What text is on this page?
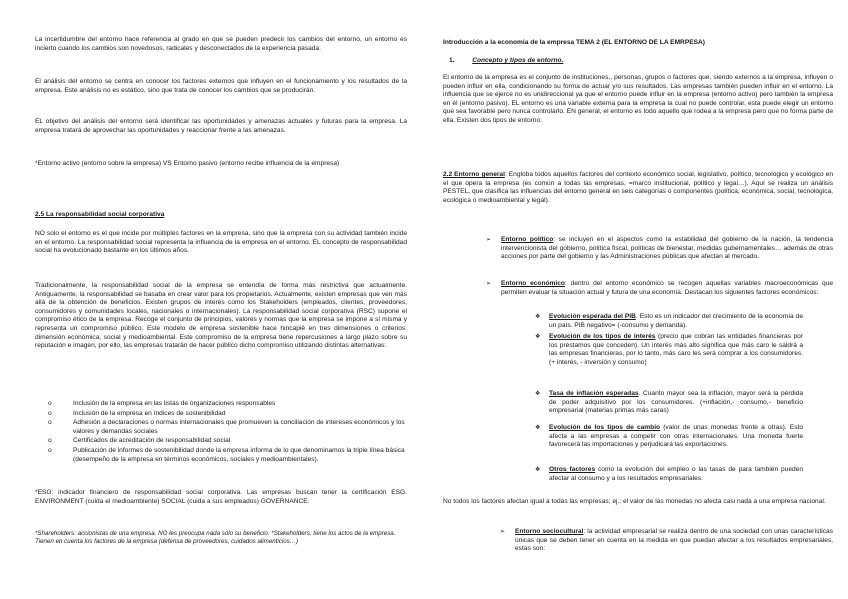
La incertidumbre del entorno hace referencia al grado en que se pueden predecir los cambios del entorno, un entorno es incierto cuando los cambios son novedosos, radicales y desconectados de la experiencia pasada.

El análisis del entorno se centra en conocer los factores externos que influyen en el funcionamiento y los resultados de la empresa. Este análisis no es estático, sino que trata de conocer los cambios que se producirán.

EL objetivo del análisis del entorno será identificar las oportunidades y amenazas actuales y futuras para la empresa. La empresa tratará de aprovechar las oportunidades y reaccionar frente a las amenazas.

*Entorno activo (entorno sobre la empresa) VS Entorno pasivo (entorno recibe influencia de la empresa)

2.5 La responsabilidad social corporativa

NO solo el entorno es el que incide por múltiples factores en la empresa, sino que la empresa con su actividad también incide en el entorno. La responsabilidad social representa la influencia de la empresa en el entorno. EL concepto de responsabilidad social ha evolucionado bastante en los últimos años.

Tradicionalmente, la responsabilidad social de la empresa se entendía de forma más restrictiva que actualmente. Antiguamente, la responsabilidad se basaba en crear valor para los propietarios. Actualmente, existen empresas que ven más allá de la obtención de beneficios. Existen grupos de interés como los Stakeholders (empleados, clientes, proveedores, consumidores y comunidades locales, nacionales o internacionales). La responsabilidad social corporativa (RSC) supone el compromiso ético de la empresa. Recoge el conjunto de principios, valores y normas que la empresa se impone a sí misma y representa un compromiso público. Este modelo de empresa sostenible hace hincapié en tres dimensiones o criterios: dimensión económica, social y medioambiental. Este compromiso de la empresa tiene repercusiones a largo plazo sobre su reputación e imagen, por ello, las empresas tratarán de hacer público dicho compromiso utilizando distintas alternativas:

o	Inclusión de la empresa en las listas de organizaciones responsables
o	Inclusión de la empresa en índices de sostenibilidad
o	Adhesión a declaraciones o normas internacionales que promueven la conciliación de intereses económicos y los valores y demandas sociales
o	Certificados de acreditación de responsabilidad social
o	Publicación de informes de sostenibilidad donde la empresa informa de lo que denominamos la triple línea básica (desempeño de la empresa en términos económicos, sociales y medioambientales).

*ESG: indicador financiero de responsabilidad social corporativa. Las empresas buscan tener la certificación ESG. ENVIRONMENT (cuida el medioambiente) SOCIAL (cuida a sus empleados) GOVERNANCE.

*Shareholders: accionistas de una empresa. NO les preocupa nada sólo su beneficio. *Stakeholders: tiene los actos de la empresa. Tienen en cuenta los factores de la empresa (defensa de proveedores, cuidados alimenticios…)

Introducción a la economía de la empresa TEMA 2 (EL ENTORNO DE LA EMRPESA)

1.	Concepto y tipos de entorno.

El entorno de la empresa es el conjunto de instituciones,, personas, grupos o factores que, siendo externos a la empresa, influyen o pueden influir en ella, condicionando su forma de actuar y/o sus resultados. Las empresas también pueden influir en el entorno. La influencia que se ejerce no es unidireccional ya que el entorno puede influir en la empresa (entorno activo) pero también la empresa en él (entorno pasivo). EL entorno es una variable externa para la empresa la cual no puede controlar, esta puede elegir un entorno que sea favorable pero nunca controlarlo. EN general, el entorno es todo aquello que rodea a la empresa pero que no forma parte de ella. Existen dos tipos de entorno:

2.2 Entorno general: Engloba todos aquellos factores del contexto económico social, legislativo, político, tecnológico y ecológico en el que opera la empresa (es común a todas las empresas, =marco institucional, político y legal…). Aquí se realiza un análisis PESTEL, que clasifica las influencias del entorno general en seis categorías o componentes (política, económica, social, tecnológica, ecológica o medioambiental y legal).

➢ Entorno político: se incluyen en el aspectos como la estabilidad del gobierno de la nación, la tendencia intervencionista del gobierno, política fiscal, políticas de bienestar, medidas gubernamentales… además de otras acciones por parte del gobierno y las Administraciones públicas que afectan al mercado.

➢ Entorno económico: dentro del entorno económico se recogen aquellas variables macroeconómicas que permiten evaluar la situación actual y futura de una economía. Destacan los siguientes factores económicos:

❖ Evolución esperada del PIB. Esto es un indicador del crecimiento de la economía de un país. PIB negativo= (-consumo y demanda).

❖ Evolución de los tipos de interés (precio que cobran las entidades financieras por los préstamos que conceden). Un interés más alto significa que más caro le saldrá a las empresas financieras, por lo tanto, más caro les será comprar a los consumidores. (+ interés, - inversión y consumo)

❖ Tasa de inflación esperadas. Cuanto mayor sea la inflación, mayor será la pérdida de poder adquisitivo por los consumidores. (+inflación,- consumo,- beneficio empresarial (materias primas más caras)

❖ Evolución de los tipos de cambio (valor de unas monedas frente a otras). Esto afecta a las empresas a competir con otras internacionales. Una moneda fuerte favorecerá las importaciones y perjudicará las exportaciones.

❖ Otros factores como la evolución del empleo o las tasas de para también pueden afectar al consumo y a los resultados empresariales.

No todos los factores afectan igual a todas las empresas; ej.: el valor de las monedas no afecta casi nada a una empresa nacional.

➢ Entorno sociocultural: la actividad empresarial se realiza dentro de una sociedad con unas características únicas que se deben tener en cuenta en la medida en que puedan afectar a los resultados empresariales, estas son:
